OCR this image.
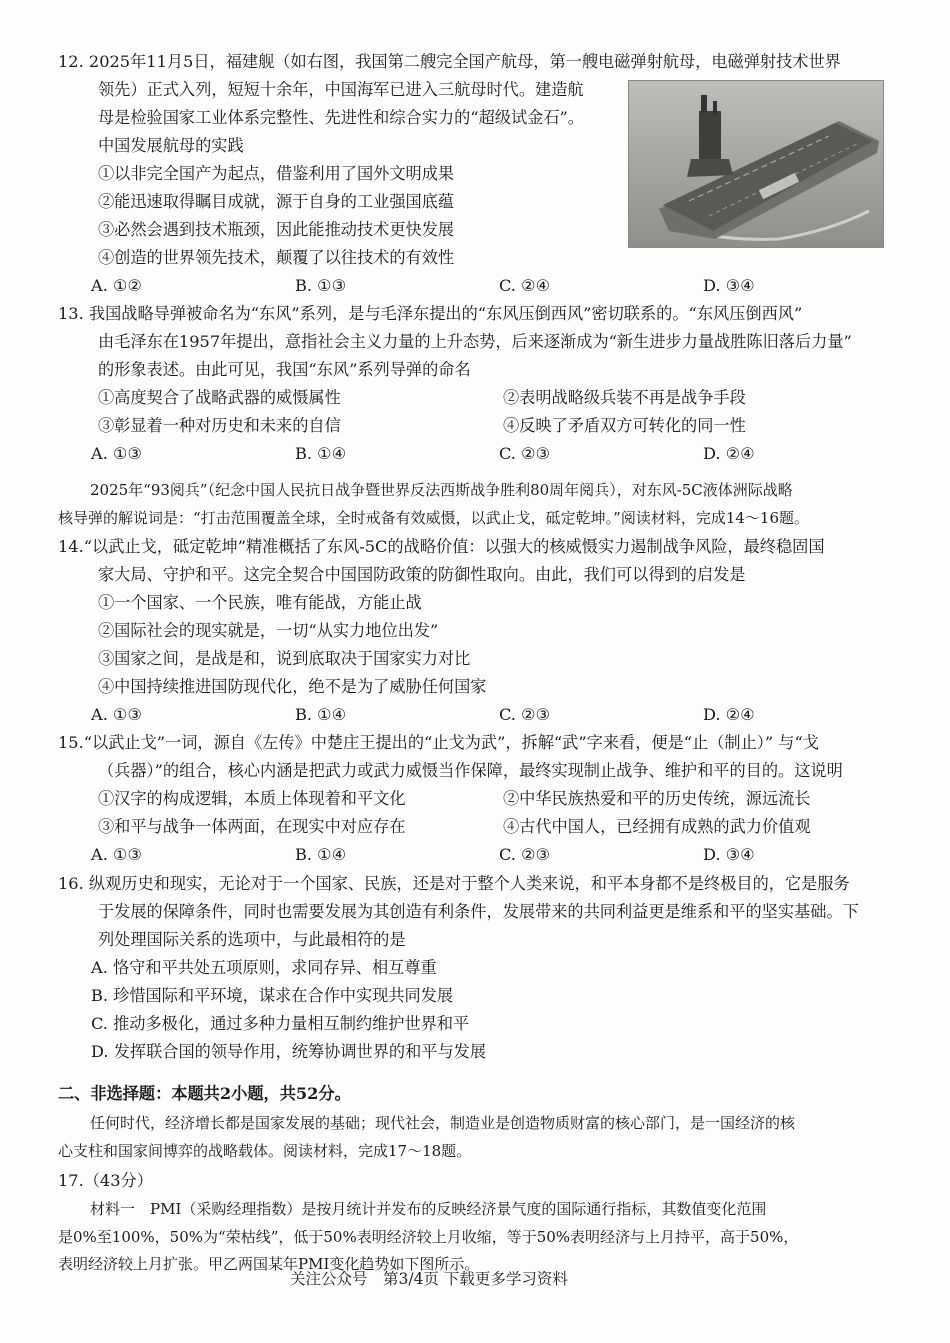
12. 2025年11月5日，福建舰（如右图，我国第二艘完全国产航母，第一艘电磁弹射航母，电磁弹射技术世界
领先）正式入列，短短十余年，中国海军已进入三航母时代。建造航
母是检验国家工业体系完整性、先进性和综合实力的“超级试金石”。
中国发展航母的实践
①以非完全国产为起点，借鉴利用了国外文明成果
②能迅速取得瞩目成就，源于自身的工业强国底蕴
③必然会遇到技术瓶颈，因此能推动技术更快发展
④创造的世界领先技术，颠覆了以往技术的有效性
A. ①②	B. ①③	C. ②④	D. ③④
13. 我国战略导弹被命名为“东风”系列，是与毛泽东提出的“东风压倒西风”密切联系的。“东风压倒西风”
由毛泽东在1957年提出，意指社会主义力量的上升态势，后来逐渐成为“新生进步力量战胜陈旧落后力量”
的形象表述。由此可见，我国“东风”系列导弹的命名
①高度契合了战略武器的威慑属性	②表明战略级兵装不再是战争手段
③彰显着一种对历史和未来的自信	④反映了矛盾双方可转化的同一性
A. ①③	B. ①④	C. ②③	D. ②④
2025年“93阅兵”（纪念中国人民抗日战争暨世界反法西斯战争胜利80周年阅兵），对东风-5C液体洲际战略
核导弹的解说词是：“打击范围覆盖全球，全时戒备有效威慑，以武止戈，砥定乾坤。”阅读材料，完成14～16题。
14.“以武止戈，砥定乾坤”精准概括了东风-5C的战略价值：以强大的核威慑实力遏制战争风险，最终稳固国
家大局、守护和平。这完全契合中国国防政策的防御性取向。由此，我们可以得到的启发是
①一个国家、一个民族，唯有能战，方能止战
②国际社会的现实就是，一切“从实力地位出发”
③国家之间，是战是和，说到底取决于国家实力对比
④中国持续推进国防现代化，绝不是为了威胁任何国家
A. ①③	B. ①④	C. ②③	D. ②④
15.“以武止戈”一词，源自《左传》中楚庄王提出的“止戈为武”，拆解“武”字来看，便是“止（制止）” 与“戈
（兵器）”的组合，核心内涵是把武力或武力威慑当作保障，最终实现制止战争、维护和平的目的。这说明
①汉字的构成逻辑，本质上体现着和平文化	②中华民族热爱和平的历史传统，源远流长
③和平与战争一体两面，在现实中对应存在	④古代中国人，已经拥有成熟的武力价值观
A. ①③	B. ①④	C. ②③	D. ③④
16. 纵观历史和现实，无论对于一个国家、民族，还是对于整个人类来说，和平本身都不是终极目的，它是服务
于发展的保障条件，同时也需要发展为其创造有利条件，发展带来的共同利益更是维系和平的坚实基础。下
列处理国际关系的选项中，与此最相符的是
A. 恪守和平共处五项原则，求同存异、相互尊重
B. 珍惜国际和平环境，谋求在合作中实现共同发展
C. 推动多极化，通过多种力量相互制约维护世界和平
D. 发挥联合国的领导作用，统筹协调世界的和平与发展
二、非选择题：本题共2小题，共52分。
任何时代，经济增长都是国家发展的基础；现代社会，制造业是创造物质财富的核心部门，是一国经济的核
心支柱和国家间博弈的战略载体。阅读材料，完成17～18题。
17.（43分）
材料一　PMI（采购经理指数）是按月统计并发布的反映经济景气度的国际通行指标，其数值变化范围
是0%至100%，50%为“荣枯线”，低于50%表明经济较上月收缩，等于50%表明经济与上月持平，高于50%，
表明经济较上月扩张。甲乙两国某年PMI变化趋势如下图所示。
关注公众号　第3/4页 下载更多学习资料
